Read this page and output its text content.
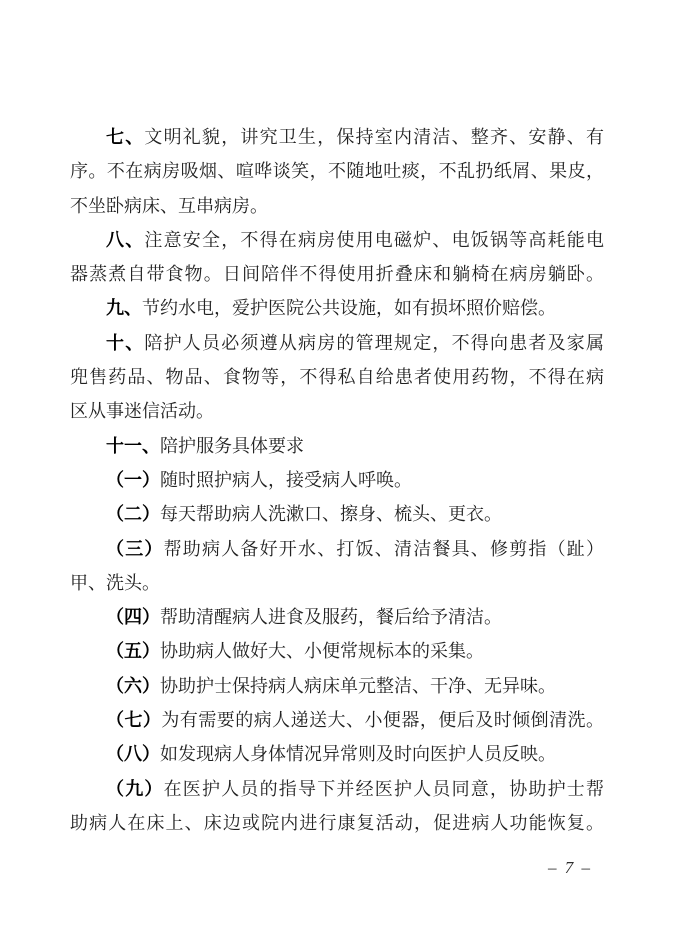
七、文明礼貌，讲究卫生，保持室内清洁、整齐、安静、有
序。不在病房吸烟、喧哗谈笑，不随地吐痰，不乱扔纸屑、果皮，
不坐卧病床、互串病房。
八、注意安全，不得在病房使用电磁炉、电饭锅等高耗能电
器蒸煮自带食物。日间陪伴不得使用折叠床和躺椅在病房躺卧。
九、节约水电，爱护医院公共设施，如有损坏照价赔偿。
十、陪护人员必须遵从病房的管理规定，不得向患者及家属
兜售药品、物品、食物等，不得私自给患者使用药物，不得在病
区从事迷信活动。
十一、陪护服务具体要求
（一）随时照护病人，接受病人呼唤。
（二）每天帮助病人洗漱口、擦身、梳头、更衣。
（三）帮助病人备好开水、打饭、清洁餐具、修剪指（趾）
甲、洗头。
（四）帮助清醒病人进食及服药，餐后给予清洁。
（五）协助病人做好大、小便常规标本的采集。
（六）协助护士保持病人病床单元整洁、干净、无异味。
（七）为有需要的病人递送大、小便器，便后及时倾倒清洗。
（八）如发现病人身体情况异常则及时向医护人员反映。
（九）在医护人员的指导下并经医护人员同意，协助护士帮
助病人在床上、床边或院内进行康复活动，促进病人功能恢复。
– 7 –
